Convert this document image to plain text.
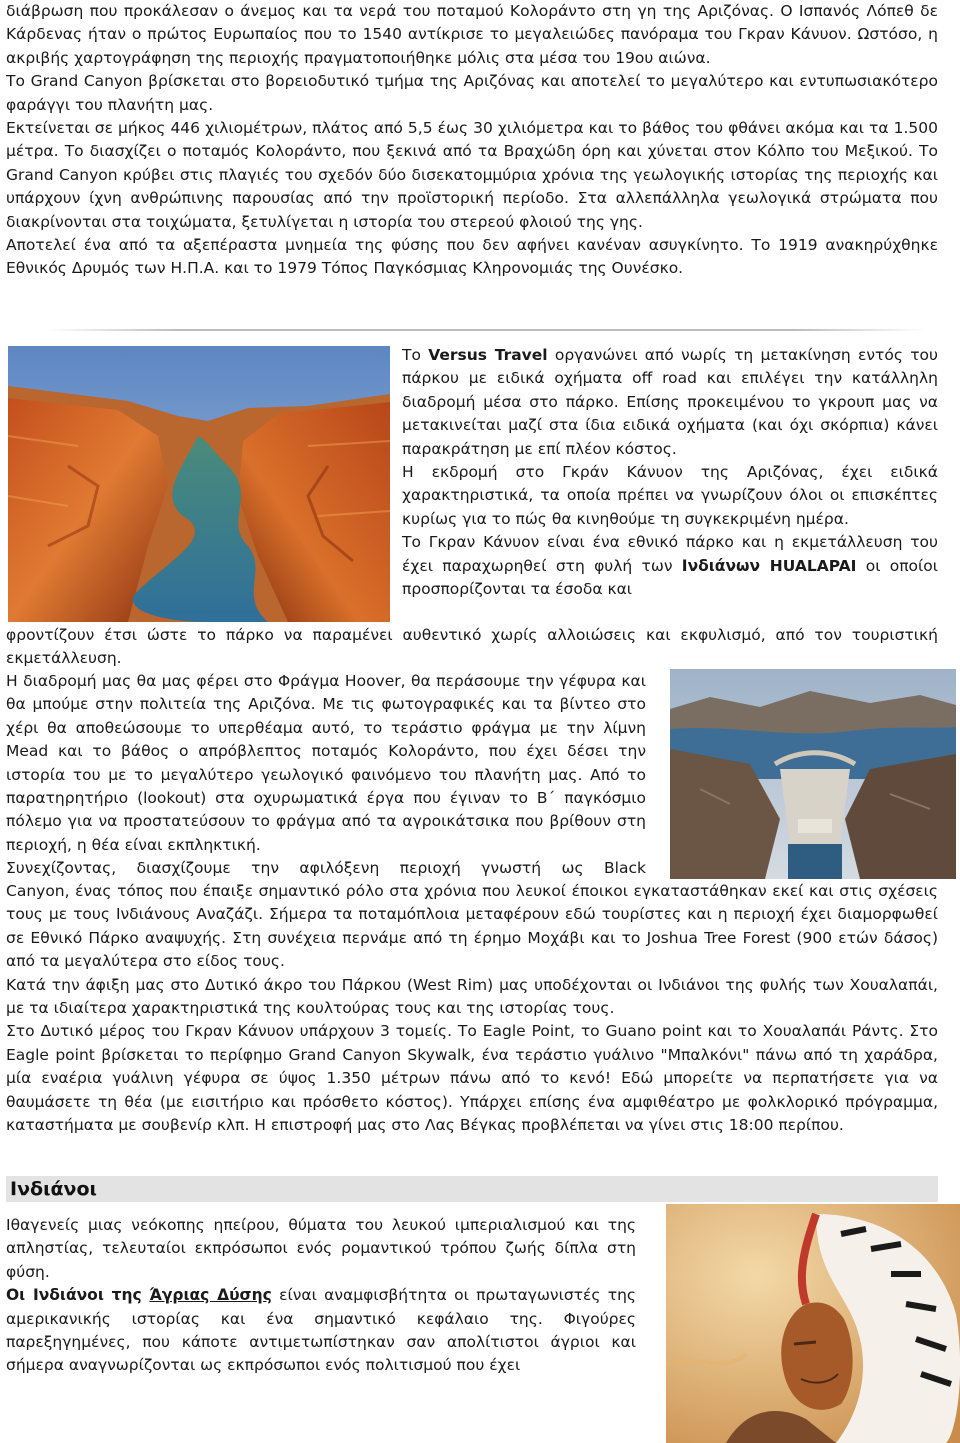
διάβρωση που προκάλεσαν ο άνεμος και τα νερά του ποταμού Κολοράντο στη γη της Αριζόνας. Ο Ισπανός Λόπεθ δε Κάρδενας ήταν ο πρώτος Ευρωπαίος που το 1540 αντίκρισε το μεγαλειώδες πανόραμα του Γκραν Κάνυον. Ωστόσο, η ακριβής χαρτογράφηση της περιοχής πραγματοποιήθηκε μόλις στα μέσα του 19ου αιώνα.

Το Grand Canyon βρίσκεται στο βορειοδυτικό τμήμα της Αριζόνας και αποτελεί το μεγαλύτερο και εντυπωσιακότερο φαράγγι του πλανήτη μας.

Εκτείνεται σε μήκος 446 χιλιομέτρων, πλάτος από 5,5 έως 30 χιλιόμετρα και το βάθος του φθάνει ακόμα και τα 1.500 μέτρα. Το διασχίζει ο ποταμός Κολοράντο, που ξεκινά από τα Βραχώδη όρη και χύνεται στον Κόλπο του Μεξικού. Το Grand Canyon κρύβει στις πλαγιές του σχεδόν δύο δισεκατομμύρια χρόνια της γεωλογικής ιστορίας της περιοχής και υπάρχουν ίχνη ανθρώπινης παρουσίας από την προϊστορική περίοδο. Στα αλλεπάλληλα γεωλογικά στρώματα που διακρίνονται στα τοιχώματα, ξετυλίγεται η ιστορία του στερεού φλοιού της γης.

Αποτελεί ένα από τα αξεπέραστα μνημεία της φύσης που δεν αφήνει κανέναν ασυγκίνητο. Το 1919 ανακηρύχθηκε Εθνικός Δρυμός των Η.Π.Α. και το 1979 Τόπος Παγκόσμιας Κληρονομιάς της Ουνέσκο.

Το Versus Travel οργανώνει από νωρίς τη μετακίνηση εντός του πάρκου με ειδικά οχήματα off road και επιλέγει την κατάλληλη διαδρομή μέσα στο πάρκο. Επίσης προκειμένου το γκρουπ μας να μετακινείται μαζί στα ίδια ειδικά οχήματα (και όχι σκόρπια) κάνει παρακράτηση με επί πλέον κόστος.

Η εκδρομή στο Γκράν Κάνυον της Αριζόνας, έχει ειδικά χαρακτηριστικά, τα οποία πρέπει να γνωρίζουν όλοι οι επισκέπτες κυρίως για το πώς θα κινηθούμε τη συγκεκριμένη ημέρα.

Το Γκραν Κάνυον είναι ένα εθνικό πάρκο και η εκμετάλλευση του έχει παραχωρηθεί στη φυλή των Ινδιάνων HUALAPAI οι οποίοι προσπορίζονται τα έσοδα και

φροντίζουν έτσι ώστε το πάρκο να παραμένει αυθεντικό χωρίς αλλοιώσεις και εκφυλισμό, από τον τουριστική εκμετάλλευση.

Η διαδρομή μας θα μας φέρει στο Φράγμα Hoover, θα περάσουμε την γέφυρα και θα μπούμε στην πολιτεία της Αριζόνα. Με τις φωτογραφικές και τα βίντεο στο χέρι θα αποθεώσουμε το υπερθέαμα αυτό, το τεράστιο φράγμα με την λίμνη Mead και το βάθος ο απρόβλεπτος ποταμός Κολοράντο, που έχει δέσει την ιστορία του με το μεγαλύτερο γεωλογικό φαινόμενο του πλανήτη μας. Από το παρατηρητήριο (lookout) στα οχυρωματικά έργα που έγιναν το Β΄ παγκόσμιο πόλεμο για να προστατεύσουν το φράγμα από τα αγροικάτσικα που βρίθουν στη περιοχή, η θέα είναι εκπληκτική.

Συνεχίζοντας, διασχίζουμε την αφιλόξενη περιοχή γνωστή ως Black

Canyon, ένας τόπος που έπαιξε σημαντικό ρόλο στα χρόνια που λευκοί έποικοι εγκαταστάθηκαν εκεί και στις σχέσεις τους με τους Ινδιάνους Αναζάζι. Σήμερα τα ποταμόπλοια μεταφέρουν εδώ τουρίστες και η περιοχή έχει διαμορφωθεί σε Εθνικό Πάρκο αναψυχής. Στη συνέχεια περνάμε από τη έρημο Μοχάβι και το Joshua Tree Forest (900 ετών δάσος) από τα μεγαλύτερα στο είδος τους.

Κατά την άφιξη μας στο Δυτικό άκρο του Πάρκου (West Rim) μας υποδέχονται οι Ινδιάνοι της φυλής των Χουαλαπάι, με τα ιδιαίτερα χαρακτηριστικά της κουλτούρας τους και της ιστορίας τους.

Στο Δυτικό μέρος του Γκραν Κάνυον υπάρχουν 3 τομείς. Το Eagle Point, το Guano point και το Χουαλαπάι Ράντς. Στο Eagle point βρίσκεται το περίφημο Grand Canyon Skywalk, ένα τεράστιο γυάλινο "Μπαλκόνι" πάνω από τη χαράδρα, μία εναέρια γυάλινη γέφυρα σε ύψος 1.350 μέτρων πάνω από το κενό! Εδώ μπορείτε να περπατήσετε για να θαυμάσετε τη θέα (με εισιτήριο και πρόσθετο κόστος). Υπάρχει επίσης ένα αμφιθέατρο με φολκλορικό πρόγραμμα, καταστήματα με σουβενίρ κλπ. Η επιστροφή μας στο Λας Βέγκας προβλέπεται να γίνει στις 18:00 περίπου.

Ινδιάνοι

Ιθαγενείς μιας νεόκοπης ηπείρου, θύματα του λευκού ιμπεριαλισμού και της απληστίας, τελευταίοι εκπρόσωποι ενός ρομαντικού τρόπου ζωής δίπλα στη φύση.

Οι Ινδιάνοι της Άγριας Δύσης είναι αναμφισβήτητα οι πρωταγωνιστές της αμερικανικής ιστορίας και ένα σημαντικό κεφάλαιο της. Φιγούρες παρεξηγημένες, που κάποτε αντιμετωπίστηκαν σαν απολίτιστοι άγριοι και σήμερα αναγνωρίζονται ως εκπρόσωποι ενός πολιτισμού που έχει
